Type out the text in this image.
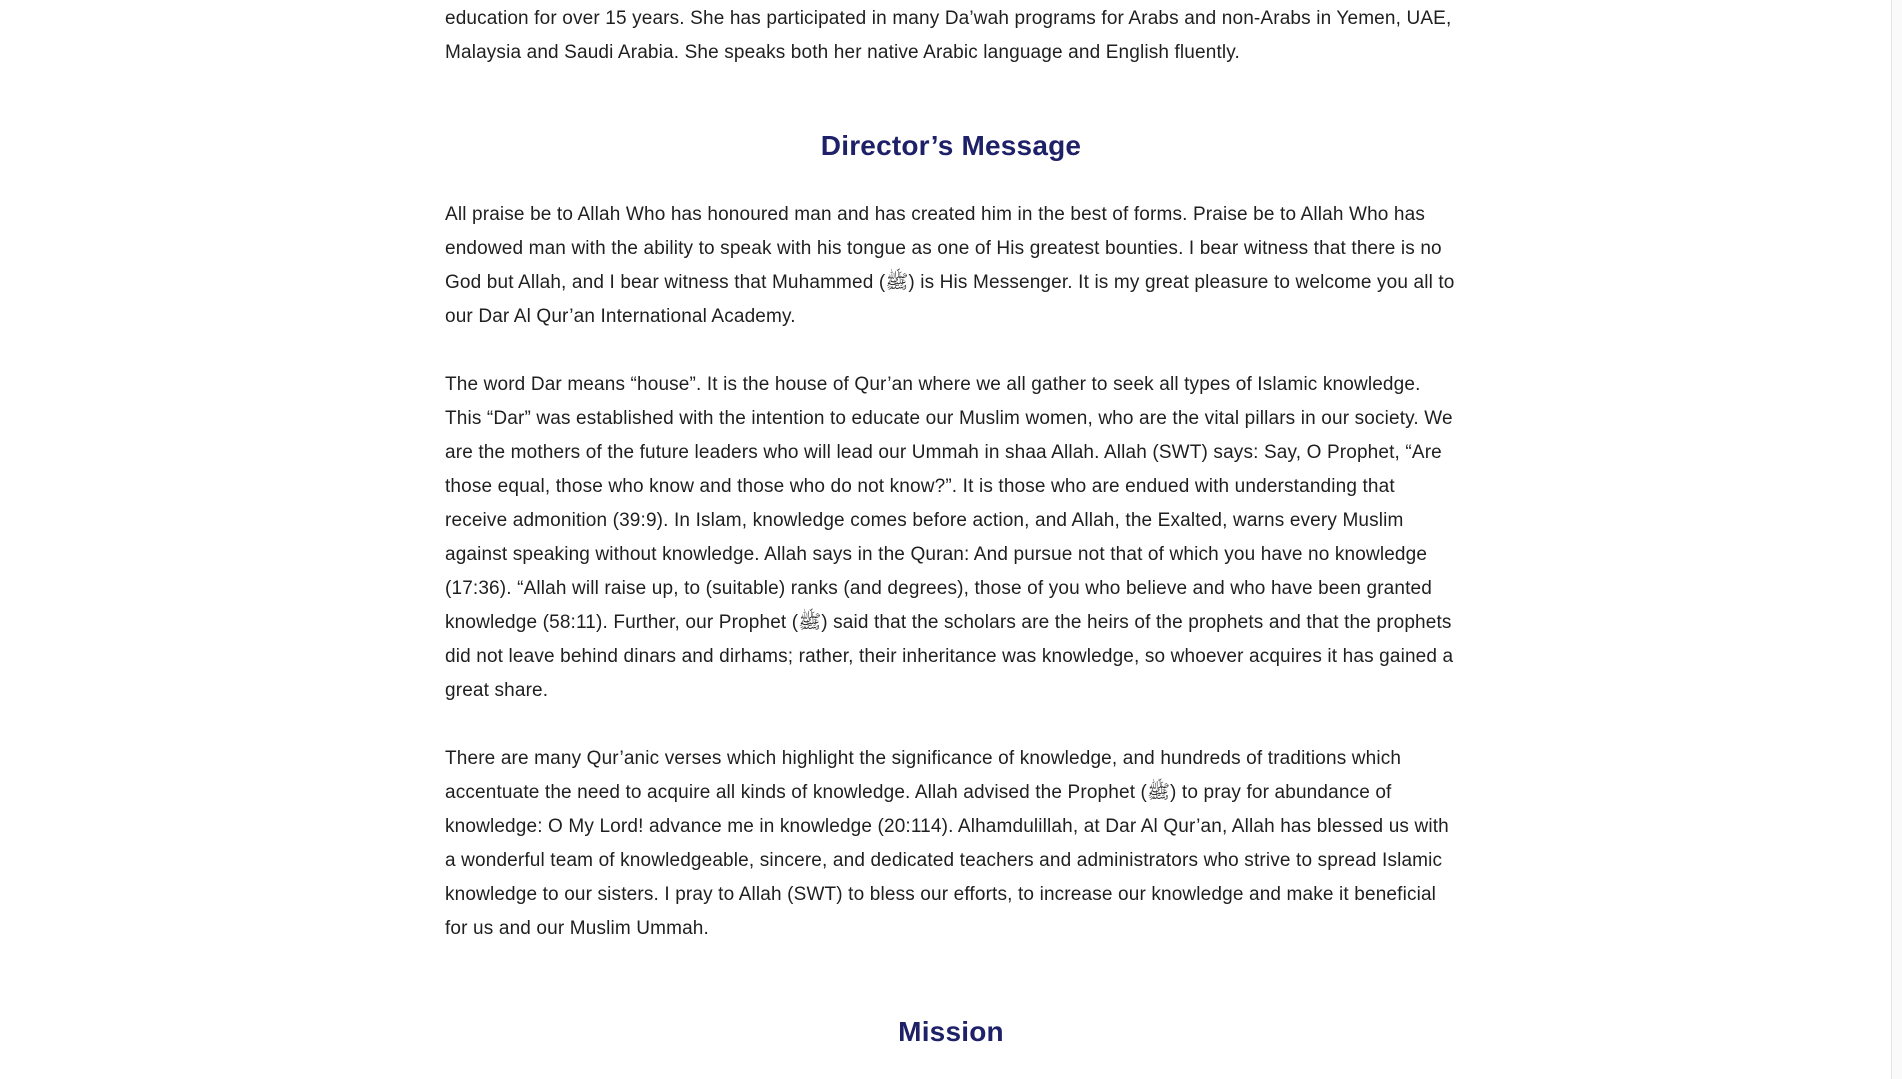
education for over 15 years. She has participated in many Da’wah programs for Arabs and non-Arabs in Yemen, UAE, Malaysia and Saudi Arabia. She speaks both her native Arabic language and English fluently.

Director’s Message

All praise be to Allah Who has honoured man and has created him in the best of forms. Praise be to Allah Who has endowed man with the ability to speak with his tongue as one of His greatest bounties. I bear witness that there is no God but Allah, and I bear witness that Muhammed (ﷺ) is His Messenger. It is my great pleasure to welcome you all to our Dar Al Qur’an International Academy.

The word Dar means “house”. It is the house of Qur’an where we all gather to seek all types of Islamic knowledge. This “Dar” was established with the intention to educate our Muslim women, who are the vital pillars in our society. We are the mothers of the future leaders who will lead our Ummah in shaa Allah. Allah (SWT) says: Say, O Prophet, “Are those equal, those who know and those who do not know?”. It is those who are endued with understanding that receive admonition (39:9). In Islam, knowledge comes before action, and Allah, the Exalted, warns every Muslim against speaking without knowledge. Allah says in the Quran: And pursue not that of which you have no knowledge (17:36). “Allah will raise up, to (suitable) ranks (and degrees), those of you who believe and who have been granted knowledge (58:11). Further, our Prophet (ﷺ) said that the scholars are the heirs of the prophets and that the prophets did not leave behind dinars and dirhams; rather, their inheritance was knowledge, so whoever acquires it has gained a great share.

There are many Qur’anic verses which highlight the significance of knowledge, and hundreds of traditions which accentuate the need to acquire all kinds of knowledge. Allah advised the Prophet (ﷺ) to pray for abundance of knowledge: O My Lord! advance me in knowledge (20:114). Alhamdulillah, at Dar Al Qur’an, Allah has blessed us with a wonderful team of knowledgeable, sincere, and dedicated teachers and administrators who strive to spread Islamic knowledge to our sisters. I pray to Allah (SWT) to bless our efforts, to increase our knowledge and make it beneficial for us and our Muslim Ummah.

Mission
